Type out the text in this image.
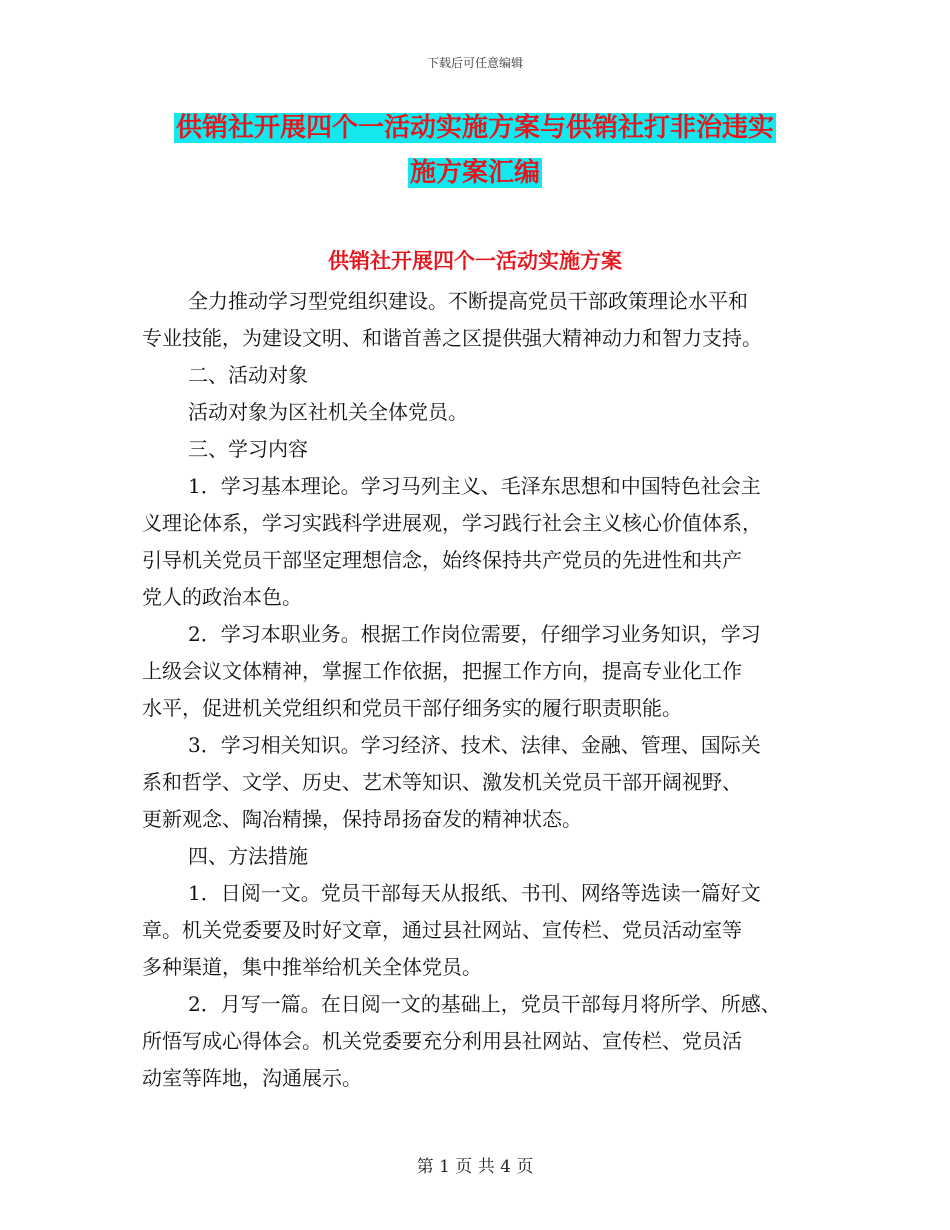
下载后可任意编辑
供销社开展四个一活动实施方案与供销社打非治违实
施方案汇编
供销社开展四个一活动实施方案
全力推动学习型党组织建设。不断提高党员干部政策理论水平和
专业技能，为建设文明、和谐首善之区提供强大精神动力和智力支持。
二、活动对象
活动对象为区社机关全体党员。
三、学习内容
1．学习基本理论。学习马列主义、毛泽东思想和中国特色社会主
义理论体系，学习实践科学进展观，学习践行社会主义核心价值体系，
引导机关党员干部坚定理想信念，始终保持共产党员的先进性和共产
党人的政治本色。
2．学习本职业务。根据工作岗位需要，仔细学习业务知识，学习
上级会议文体精神，掌握工作依据，把握工作方向，提高专业化工作
水平，促进机关党组织和党员干部仔细务实的履行职责职能。
3．学习相关知识。学习经济、技术、法律、金融、管理、国际关
系和哲学、文学、历史、艺术等知识、激发机关党员干部开阔视野、
更新观念、陶冶精操，保持昂扬奋发的精神状态。
四、方法措施
1．日阅一文。党员干部每天从报纸、书刊、网络等选读一篇好文
章。机关党委要及时好文章，通过县社网站、宣传栏、党员活动室等
多种渠道，集中推举给机关全体党员。
2．月写一篇。在日阅一文的基础上，党员干部每月将所学、所感、
所悟写成心得体会。机关党委要充分利用县社网站、宣传栏、党员活
动室等阵地，沟通展示。
第 1 页 共 4 页
